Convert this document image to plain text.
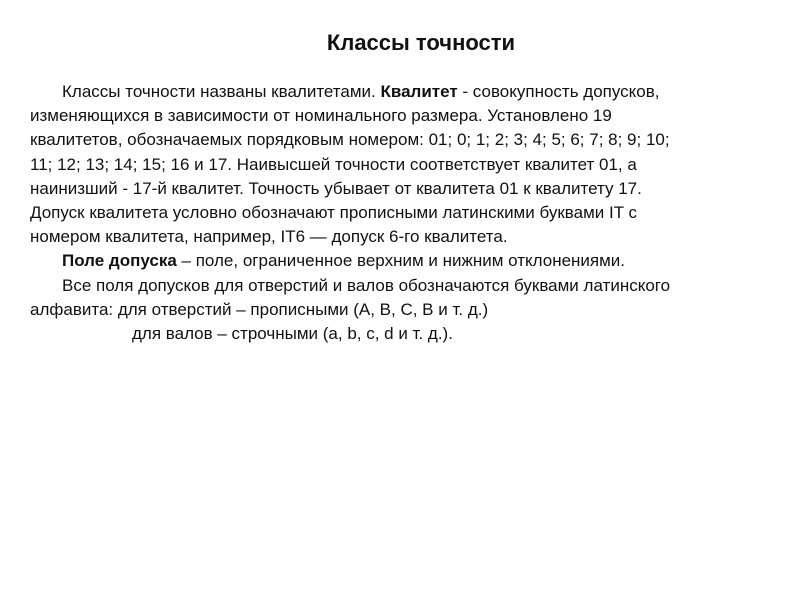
Классы точности
Классы точности названы квалитетами. Квалитет - совокупность допусков,
изменяющихся в зависимости от номинального размера. Установлено 19
квалитетов, обозначаемых порядковым номером: 01; 0; 1; 2; 3; 4; 5; 6; 7; 8; 9; 10;
11; 12; 13; 14; 15; 16 и 17. Наивысшей точности соответствует квалитет 01, а
наинизший - 17-й квалитет. Точность убывает от квалитета 01 к квалитету 17.
Допуск квалитета условно обозначают прописными латинскими буквами IT с
номером квалитета, например, IT6 — допуск 6-го квалитета.
Поле допуска – поле, ограниченное верхним и нижним отклонениями.
Все поля допусков для отверстий и валов обозначаются буквами латинского
алфавита: для отверстий – прописными (А, В, С, В и т. д.)
для валов – строчными (a, b, c, d и т. д.).
